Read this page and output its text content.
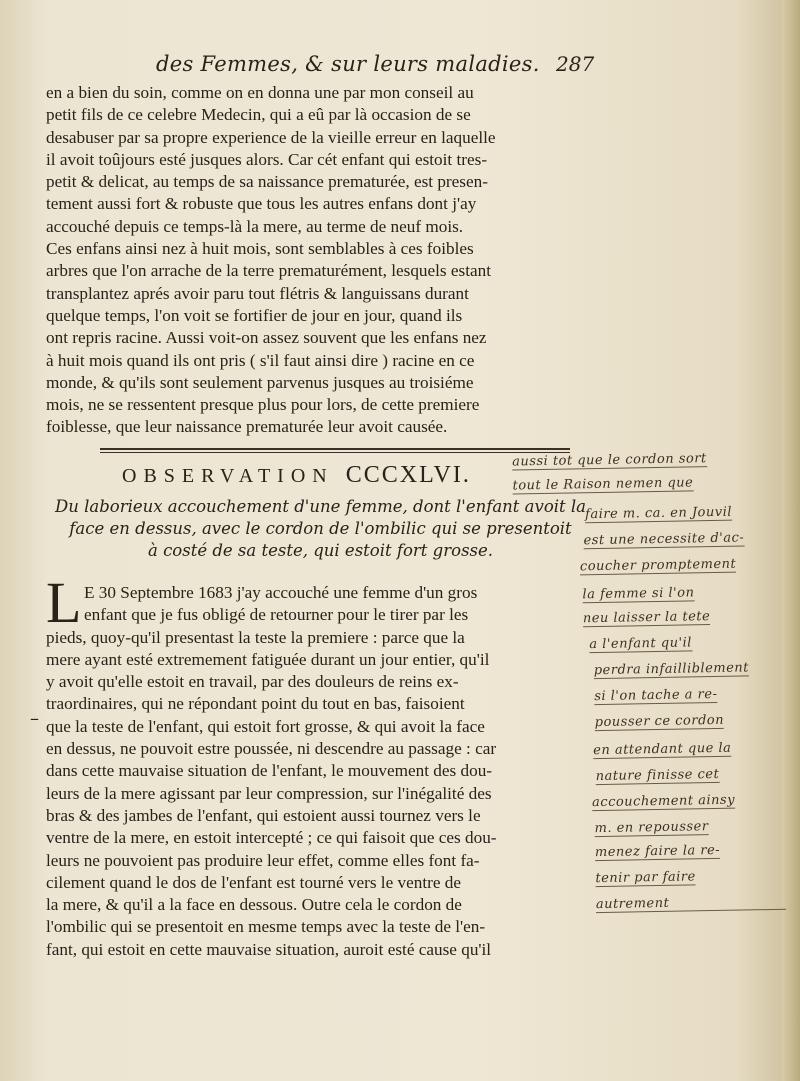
des Femmes, & sur leurs maladies. 287
en a bien du soin, comme on en donna une par mon conseil au
petit fils de ce celebre Medecin, qui a eû par là occasion de se
desabuser par sa propre experience de la vieille erreur en laquelle
il avoit toûjours esté jusques alors. Car cét enfant qui estoit tres-
petit & delicat, au temps de sa naissance prematurée, est presen-
tement aussi fort & robuste que tous les autres enfans dont j'ay
accouché depuis ce temps-là la mere, au terme de neuf mois.
Ces enfans ainsi nez à huit mois, sont semblables à ces foibles
arbres que l'on arrache de la terre prematurément, lesquels estant
transplantez aprés avoir paru tout flétris & languissans durant
quelque temps, l'on voit se fortifier de jour en jour, quand ils
ont repris racine. Aussi voit-on assez souvent que les enfans nez
à huit mois quand ils ont pris ( s'il faut ainsi dire ) racine en ce
monde, & qu'ils sont seulement parvenus jusques au troisiéme
mois, ne se ressentent presque plus pour lors, de cette premiere
foiblesse, que leur naissance prematurée leur avoit causée.
OBSERVATION CCCXLVI.
Du laborieux accouchement d'une femme, dont l'enfant avoit la
face en dessus, avec le cordon de l'ombilic qui se presentoit
à costé de sa teste, qui estoit fort grosse.
L E 30 Septembre 1683 j'ay accouché une femme d'un gros
enfant que je fus obligé de retourner pour le tirer par les
pieds, quoy-qu'il presentast la teste la premiere : parce que la
mere ayant esté extremement fatiguée durant un jour entier, qu'il
y avoit qu'elle estoit en travail, par des douleurs de reins ex-
traordinaires, qui ne répondant point du tout en bas, faisoient
que la teste de l'enfant, qui estoit fort grosse, & qui avoit la face
en dessus, ne pouvoit estre poussée, ni descendre au passage : car
dans cette mauvaise situation de l'enfant, le mouvement des dou-
leurs de la mere agissant par leur compression, sur l'inégalité des
bras & des jambes de l'enfant, qui estoient aussi tournez vers le
ventre de la mere, en estoit intercepté ; ce qui faisoit que ces dou-
leurs ne pouvoient pas produire leur effet, comme elles font fa-
cilement quand le dos de l'enfant est tourné vers le ventre de
la mere, & qu'il a la face en dessous. Outre cela le cordon de
l'ombilic qui se presentoit en mesme temps avec la teste de l'en-
fant, qui estoit en cette mauvaise situation, auroit esté cause qu'il
–
aussi tot que le cordon sort
tout le Raison nemen que
faire m. ca. en Jouvil
est une necessite d'ac-
coucher promptement
la femme si l'on
neu laisser la tete
a l'enfant qu'il
perdra infailliblement
si l'on tache a re-
pousser ce cordon
en attendant que la
nature finisse cet
accouchement ainsy
m. en repousser
menez faire la re-
tenir par faire
autrement
